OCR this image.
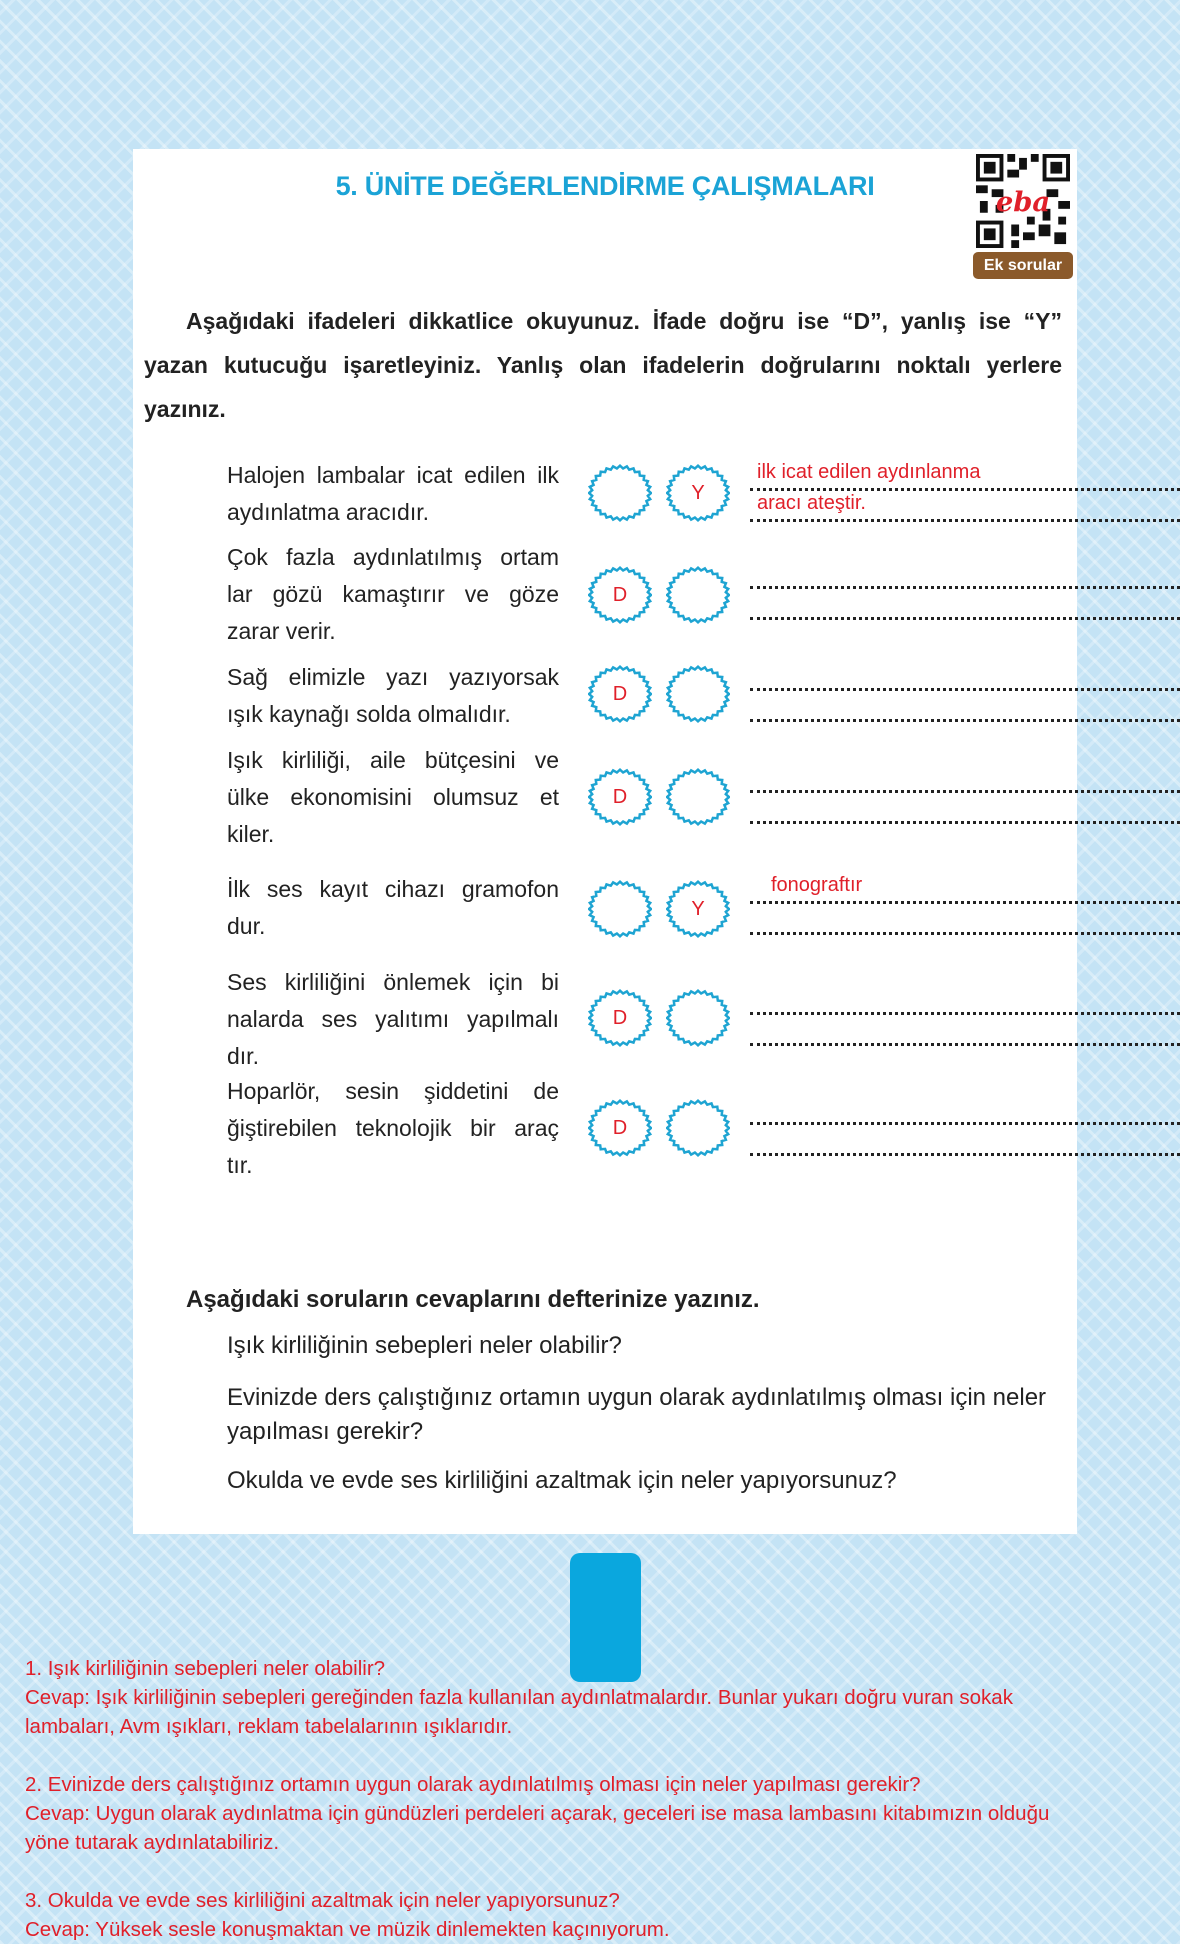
5. ÜNİTE DEĞERLENDİRME ÇALIŞMALARI	eba
Ek sorular
Aşağıdaki ifadeleri dikkatlice okuyunuz. İfade doğru ise “D”, yanlış ise “Y” yazan kutucuğu işaretleyiniz. Yanlış olan ifadelerin doğrularını noktalı yerlere yazınız.
Halojen lambalar icat edilen ilk
aydınlatma aracıdır.
Y
ilk icat edilen aydınlanma
aracı ateştir.
Çok fazla aydınlatılmış ortam
lar gözü kamaştırır ve göze
zarar verir.
D
Sağ elimizle yazı yazıyorsak
ışık kaynağı solda olmalıdır.
D
Işık kirliliği, aile bütçesini ve
ülke ekonomisini olumsuz et
kiler.
D
İlk ses kayıt cihazı gramofon
dur.
Y
fonograftır
Ses kirliliğini önlemek için bi
nalarda ses yalıtımı yapılmalı
dır.
D
Hoparlör, sesin şiddetini de
ğiştirebilen teknolojik bir araç
tır.
D
Aşağıdaki soruların cevaplarını defterinize yazınız.
Işık kirliliğinin sebepleri neler olabilir?
Evinizde ders çalıştığınız ortamın uygun olarak aydınlatılmış olması için neler
yapılması gerekir?
Okulda ve evde ses kirliliğini azaltmak için neler yapıyorsunuz?
1. Işık kirliliğinin sebepleri neler olabilir?
Cevap: Işık kirliliğinin sebepleri gereğinden fazla kullanılan aydınlatmalardır. Bunlar yukarı doğru vuran sokak
lambaları, Avm ışıkları, reklam tabelalarının ışıklarıdır.
2. Evinizde ders çalıştığınız ortamın uygun olarak aydınlatılmış olması için neler yapılması gerekir?
Cevap: Uygun olarak aydınlatma için gündüzleri perdeleri açarak, geceleri ise masa lambasını kitabımızın olduğu
yöne tutarak aydınlatabiliriz.
3. Okulda ve evde ses kirliliğini azaltmak için neler yapıyorsunuz?
Cevap: Yüksek sesle konuşmaktan ve müzik dinlemekten kaçınıyorum.
